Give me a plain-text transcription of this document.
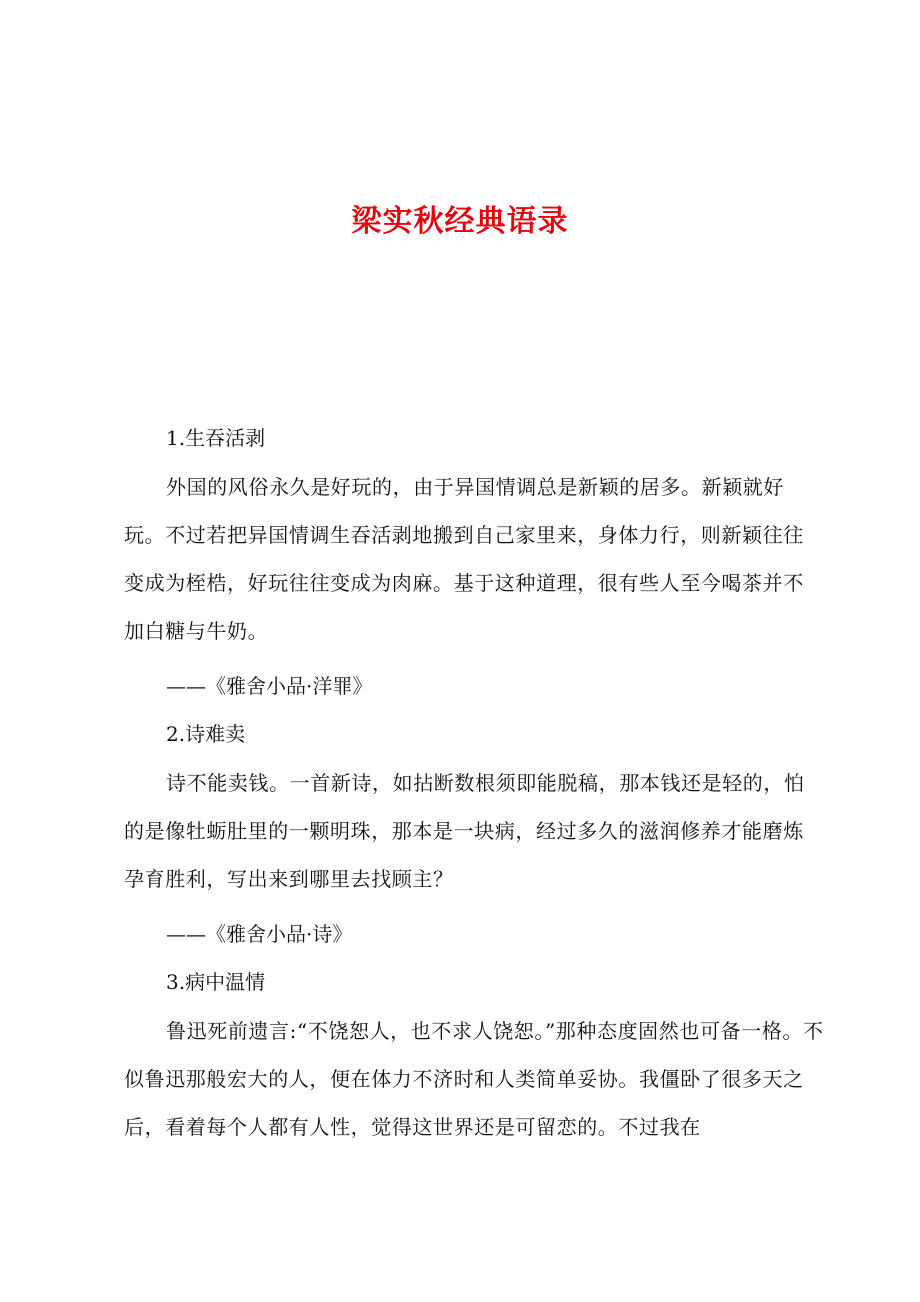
梁实秋经典语录

1.生吞活剥

外国的风俗永久是好玩的，由于异国情调总是新颖的居多。新颖就好玩。不过若把异国情调生吞活剥地搬到自己家里来，身体力行，则新颖往往变成为桎梏，好玩往往变成为肉麻。基于这种道理，很有些人至今喝茶并不加白糖与牛奶。

——《雅舍小品·洋罪》

2.诗难卖

诗不能卖钱。一首新诗，如拈断数根须即能脱稿，那本钱还是轻的，怕的是像牡蛎肚里的一颗明珠，那本是一块病，经过多久的滋润修养才能磨炼孕育胜利，写出来到哪里去找顾主？

——《雅舍小品·诗》

3.病中温情

鲁迅死前遗言:“不饶恕人，也不求人饶恕。”那种态度固然也可备一格。不似鲁迅那般宏大的人，便在体力不济时和人类简单妥协。我僵卧了很多天之后，看着每个人都有人性，觉得这世界还是可留恋的。不过我在
